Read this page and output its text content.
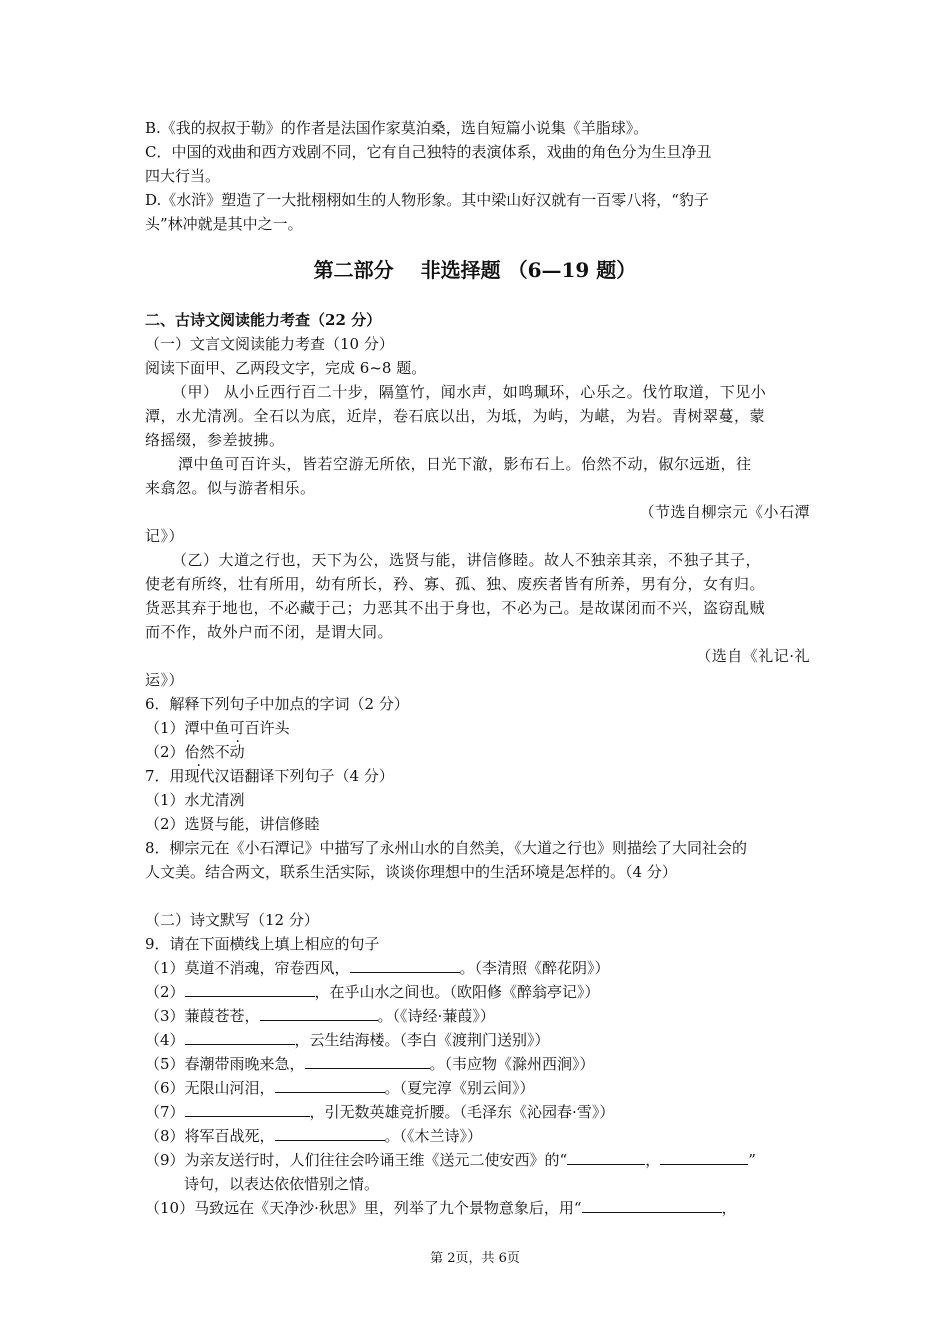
B.《我的叔叔于勒》的作者是法国作家莫泊桑，选自短篇小说集《羊脂球》。
C．中国的戏曲和西方戏剧不同，它有自己独特的表演体系，戏曲的角色分为生旦净丑
四大行当。
D.《水浒》塑造了一大批栩栩如生的人物形象。其中梁山好汉就有一百零八将，“豹子
头”林冲就是其中之一。
第二部分　 非选择题 （6—19 题）
二、古诗文阅读能力考查（22 分）
（一）文言文阅读能力考查（10 分）
阅读下面甲、乙两段文字，完成 6~8 题。
（甲） 从小丘西行百二十步，隔篁竹，闻水声，如鸣珮环，心乐之。伐竹取道，下见小
潭，水尤清冽。全石以为底，近岸，卷石底以出，为坻，为屿，为嵁，为岩。青树翠蔓，蒙
络摇缀，参差披拂。
潭中鱼可百许头，皆若空游无所依，日光下澈，影布石上。佁然不动，俶尔远逝，往
来翕忽。似与游者相乐。
（节选自柳宗元《小石潭
记》）
（乙）大道之行也，天下为公，选贤与能，讲信修睦。故人不独亲其亲，不独子其子，
使老有所终，壮有所用，幼有所长，矜、寡、孤、独、废疾者皆有所养，男有分，女有归。
货恶其弃于地也，不必藏于己；力恶其不出于身也，不必为己。是故谋闭而不兴，盗窃乱贼
而不作，故外户而不闭，是谓大同。
（选自《礼记·礼
运》）
6．解释下列句子中加点的字词（2 分）
（1）潭中鱼可百许头
（2）佁然不动
7．用现代汉语翻译下列句子（4 分）
（1）水尤清冽
（2）选贤与能，讲信修睦
8．柳宗元在《小石潭记》中描写了永州山水的自然美，《大道之行也》则描绘了大同社会的
人文美。结合两文，联系生活实际，谈谈你理想中的生活环境是怎样的。（4 分）
（二）诗文默写（12 分）
9．请在下面横线上填上相应的句子
（1）莫道不消魂，帘卷西风，	。（李清照《醉花阴》）
（2）	，在乎山水之间也。（欧阳修《醉翁亭记》）
（3）蒹葭苍苍，	。（《诗经·蒹葭》）
（4）	，云生结海楼。（李白《渡荆门送别》）
（5）春潮带雨晚来急，	。（韦应物《滁州西涧》）
（6）无限山河泪，	。（夏完淳《别云间》）
（7）	，引无数英雄竞折腰。（毛泽东《沁园春·雪》）
（8）将军百战死，	。（《木兰诗》）
（9）为亲友送行时，人们往往会吟诵王维《送元二使安西》的“	，	”
诗句，以表达依依惜别之情。
（10）马致远在《天净沙·秋思》里，列举了九个景物意象后，用“	，
第 2页，共 6页
